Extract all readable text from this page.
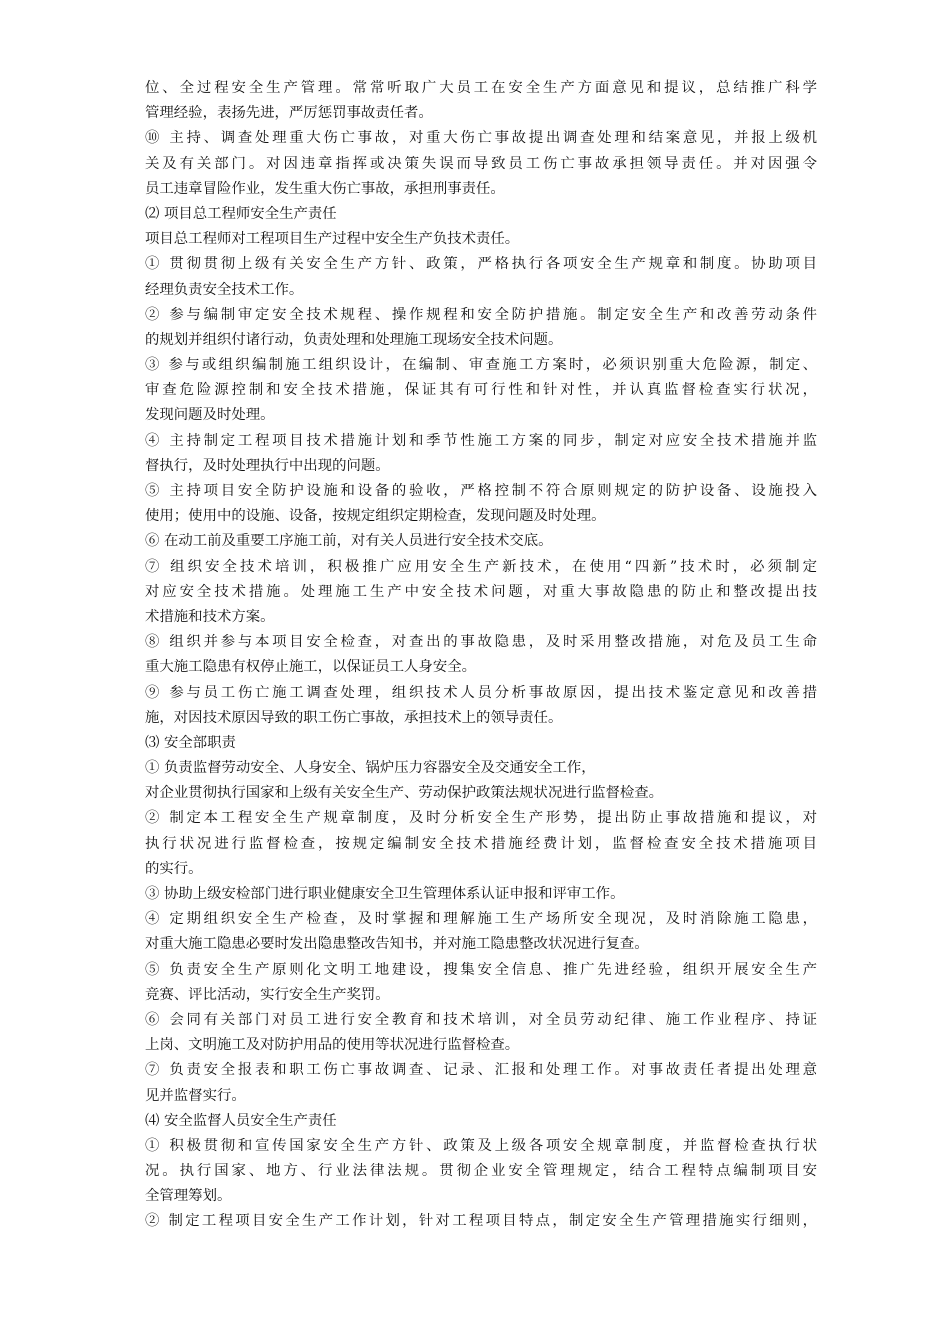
位、全过程安全生产管理。常常听取广大员工在安全生产方面意见和提议，总结推广科学
管理经验，表扬先进，严厉惩罚事故责任者。
⑩ 主持、调查处理重大伤亡事故，对重大伤亡事故提出调查处理和结案意见，并报上级机
关及有关部门。对因违章指挥或决策失误而导致员工伤亡事故承担领导责任。并对因强令
员工违章冒险作业，发生重大伤亡事故，承担刑事责任。
⑵ 项目总工程师安全生产责任
项目总工程师对工程项目生产过程中安全生产负技术责任。
① 贯彻贯彻上级有关安全生产方针、政策，严格执行各项安全生产规章和制度。协助项目
经理负责安全技术工作。
② 参与编制审定安全技术规程、操作规程和安全防护措施。制定安全生产和改善劳动条件
的规划并组织付诸行动，负责处理和处理施工现场安全技术问题。
③ 参与或组织编制施工组织设计，在编制、审查施工方案时，必须识别重大危险源，制定、
审查危险源控制和安全技术措施，保证其有可行性和针对性，并认真监督检查实行状况，
发现问题及时处理。
④ 主持制定工程项目技术措施计划和季节性施工方案的同步，制定对应安全技术措施并监
督执行，及时处理执行中出现的问题。
⑤ 主持项目安全防护设施和设备的验收，严格控制不符合原则规定的防护设备、设施投入
使用；使用中的设施、设备，按规定组织定期检查，发现问题及时处理。
⑥ 在动工前及重要工序施工前，对有关人员进行安全技术交底。
⑦ 组织安全技术培训，积极推广应用安全生产新技术，在使用“四新”技术时，必须制定
对应安全技术措施。处理施工生产中安全技术问题，对重大事故隐患的防止和整改提出技
术措施和技术方案。
⑧ 组织并参与本项目安全检查，对查出的事故隐患，及时采用整改措施，对危及员工生命
重大施工隐患有权停止施工，以保证员工人身安全。
⑨ 参与员工伤亡施工调查处理，组织技术人员分析事故原因，提出技术鉴定意见和改善措
施，对因技术原因导致的职工伤亡事故，承担技术上的领导责任。
⑶ 安全部职责
① 负责监督劳动安全、人身安全、锅炉压力容器安全及交通安全工作，
对企业贯彻执行国家和上级有关安全生产、劳动保护政策法规状况进行监督检查。
② 制定本工程安全生产规章制度，及时分析安全生产形势，提出防止事故措施和提议，对
执行状况进行监督检查，按规定编制安全技术措施经费计划，监督检查安全技术措施项目
的实行。
③ 协助上级安检部门进行职业健康安全卫生管理体系认证申报和评审工作。
④ 定期组织安全生产检查，及时掌握和理解施工生产场所安全现况，及时消除施工隐患，
对重大施工隐患必要时发出隐患整改告知书，并对施工隐患整改状况进行复查。
⑤ 负责安全生产原则化文明工地建设，搜集安全信息、推广先进经验，组织开展安全生产
竞赛、评比活动，实行安全生产奖罚。
⑥ 会同有关部门对员工进行安全教育和技术培训，对全员劳动纪律、施工作业程序、持证
上岗、文明施工及对防护用品的使用等状况进行监督检查。
⑦ 负责安全报表和职工伤亡事故调查、记录、汇报和处理工作。对事故责任者提出处理意
见并监督实行。
⑷ 安全监督人员安全生产责任
① 积极贯彻和宣传国家安全生产方针、政策及上级各项安全规章制度，并监督检查执行状
况。执行国家、地方、行业法律法规。贯彻企业安全管理规定，结合工程特点编制项目安
全管理筹划。
② 制定工程项目安全生产工作计划，针对工程项目特点，制定安全生产管理措施实行细则，
